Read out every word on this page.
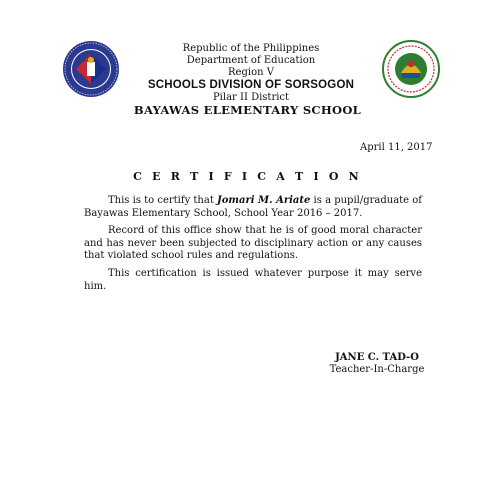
Republic of the Philippines
Department of Education
Region V
SCHOOLS DIVISION OF SORSOGON
Pilar II District
BAYAWAS ELEMENTARY SCHOOL
April 11, 2017
C E R T I F I C A T I O N

This is to certify that Jomari M. Ariate is a pupil/graduate of Bayawas Elementary School, School Year 2016 – 2017.

Record of this office show that he is of good moral character and has never been subjected to disciplinary action or any causes that violated school rules and regulations.

This certification is issued whatever purpose it may serve him.

JANE C. TAD-O
Teacher-In-Charge
